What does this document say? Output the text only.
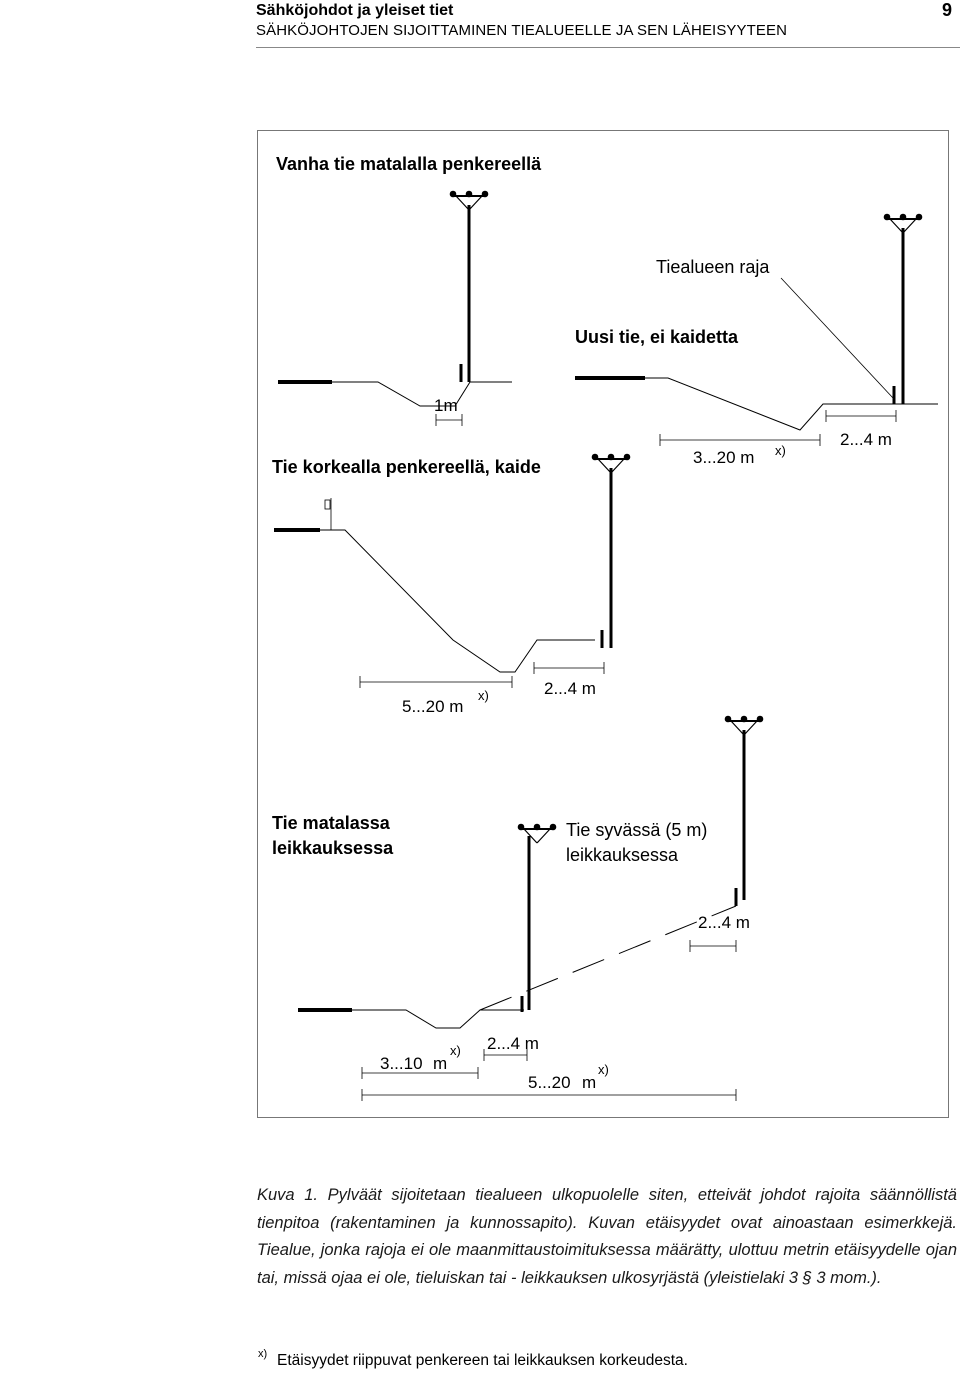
Sähköjohdot ja yleiset tiet
SÄHKÖJOHTOJEN SIJOITTAMINEN TIEALUEELLE JA SEN LÄHEISYYTEEN
9
Vanha tie matalalla penkereellä
Tiealueen raja
Uusi tie, ei kaidetta
1m
Tie korkealla penkereellä, kaide	3...20 m x)
2...4 m
5...20 m
x)	2...4 m
Tie matalassa
leikkauksessa
Tie syvässä (5 m)
leikkauksessa
2...4 m
3...10 m
x) 2...4 m
5...20 m
x)
Kuva 1. Pylväät sijoitetaan tiealueen ulkopuolelle siten, etteivät johdot rajoita säännöllistä tienpitoa (rakentaminen ja kunnossapito). Kuvan etäisyydet ovat ainoastaan esimerkkejä. Tiealue, jonka rajoja ei ole maanmittaustoimituksessa määrätty, ulottuu metrin etäisyydelle ojan tai, missä ojaa ei ole, tieluiskan tai - leikkauksen ulkosyrjästä (yleistielaki 3 § 3 mom.).
x) Etäisyydet riippuvat penkereen tai leikkauksen korkeudesta.
